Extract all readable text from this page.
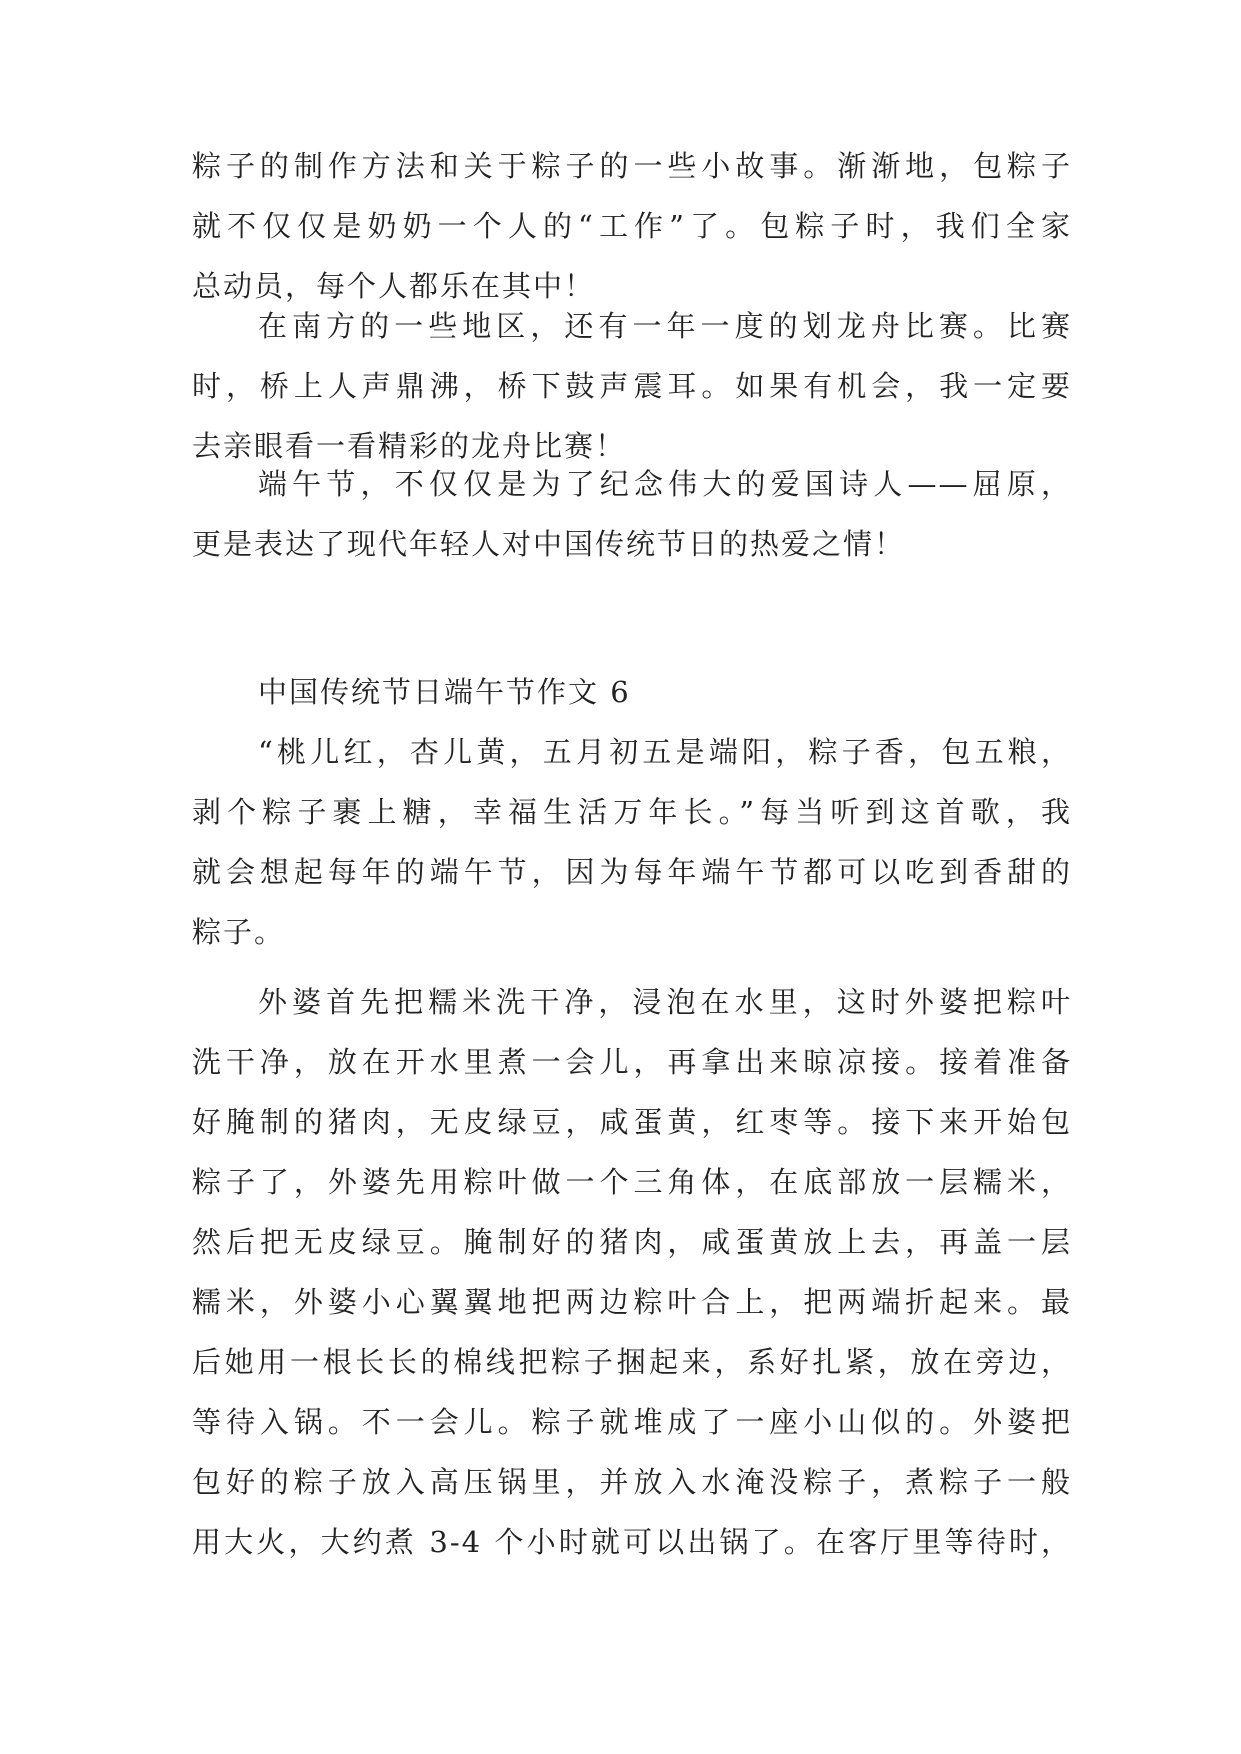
粽子的制作方法和关于粽子的一些小故事。渐渐地，包粽子
就不仅仅是奶奶一个人的“工作”了。包粽子时，我们全家
总动员，每个人都乐在其中！
在南方的一些地区，还有一年一度的划龙舟比赛。比赛
时，桥上人声鼎沸，桥下鼓声震耳。如果有机会，我一定要
去亲眼看一看精彩的龙舟比赛！
端午节，不仅仅是为了纪念伟大的爱国诗人——屈原，
更是表达了现代年轻人对中国传统节日的热爱之情！
中国传统节日端午节作文 6
“桃儿红，杏儿黄，五月初五是端阳，粽子香，包五粮，
剥个粽子裹上糖，幸福生活万年长。”每当听到这首歌，我
就会想起每年的端午节，因为每年端午节都可以吃到香甜的
粽子。
外婆首先把糯米洗干净，浸泡在水里，这时外婆把粽叶
洗干净，放在开水里煮一会儿，再拿出来晾凉接。接着准备
好腌制的猪肉，无皮绿豆，咸蛋黄，红枣等。接下来开始包
粽子了，外婆先用粽叶做一个三角体，在底部放一层糯米，
然后把无皮绿豆。腌制好的猪肉，咸蛋黄放上去，再盖一层
糯米，外婆小心翼翼地把两边粽叶合上，把两端折起来。最
后她用一根长长的棉线把粽子捆起来，系好扎紧，放在旁边，
等待入锅。不一会儿。粽子就堆成了一座小山似的。外婆把
包好的粽子放入高压锅里，并放入水淹没粽子，煮粽子一般
用大火，大约煮 3-4 个小时就可以出锅了。在客厅里等待时，
